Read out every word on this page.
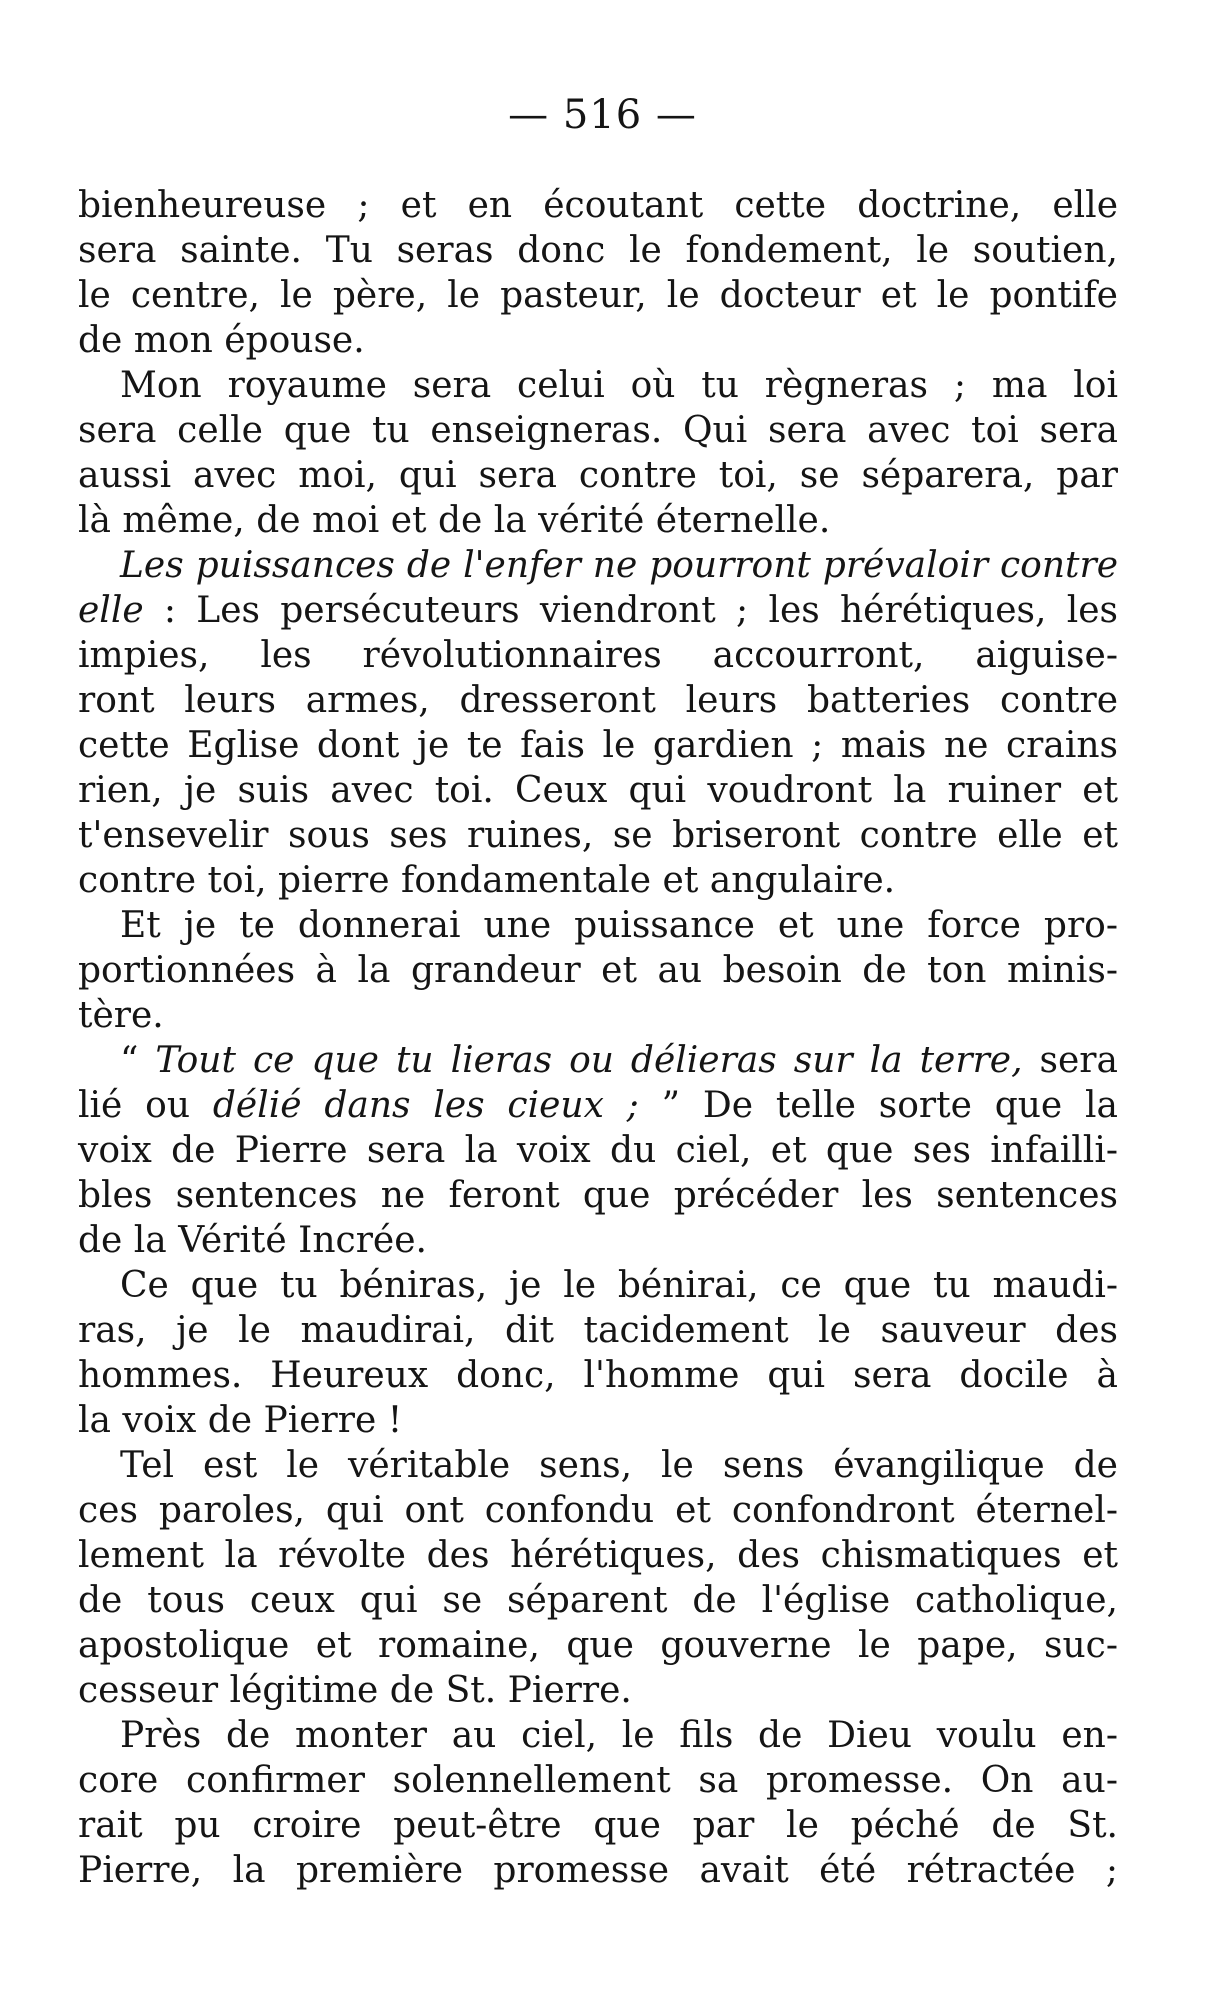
— 516 —
bienheureuse ; et en écoutant cette doctrine, elle
sera sainte. Tu seras donc le fondement, le soutien,
le centre, le père, le pasteur, le docteur et le pontife
de mon épouse.
Mon royaume sera celui où tu règneras ; ma loi
sera celle que tu enseigneras. Qui sera avec toi sera
aussi avec moi, qui sera contre toi, se séparera, par
là même, de moi et de la vérité éternelle.
Les puissances de l'enfer ne pourront prévaloir contre
elle : Les persécuteurs viendront ; les hérétiques, les
impies, les révolutionnaires accourront, aiguise-
ront leurs armes, dresseront leurs batteries contre
cette Eglise dont je te fais le gardien ; mais ne crains
rien, je suis avec toi. Ceux qui voudront la ruiner et
t'ensevelir sous ses ruines, se briseront contre elle et
contre toi, pierre fondamentale et angulaire.
Et je te donnerai une puissance et une force pro-
portionnées à la grandeur et au besoin de ton minis-
tère.
“ Tout ce que tu lieras ou délieras sur la terre, sera
lié ou délié dans les cieux ; ” De telle sorte que la
voix de Pierre sera la voix du ciel, et que ses infailli-
bles sentences ne feront que précéder les sentences
de la Vérité Incrée.
Ce que tu béniras, je le bénirai, ce que tu maudi-
ras, je le maudirai, dit tacidement le sauveur des
hommes. Heureux donc, l'homme qui sera docile à
la voix de Pierre !
Tel est le véritable sens, le sens évangilique de
ces paroles, qui ont confondu et confondront éternel-
lement la révolte des hérétiques, des chismatiques et
de tous ceux qui se séparent de l'église catholique,
apostolique et romaine, que gouverne le pape, suc-
cesseur légitime de St. Pierre.
Près de monter au ciel, le fils de Dieu voulu en-
core confirmer solennellement sa promesse. On au-
rait pu croire peut-être que par le péché de St.
Pierre, la première promesse avait été rétractée ;
